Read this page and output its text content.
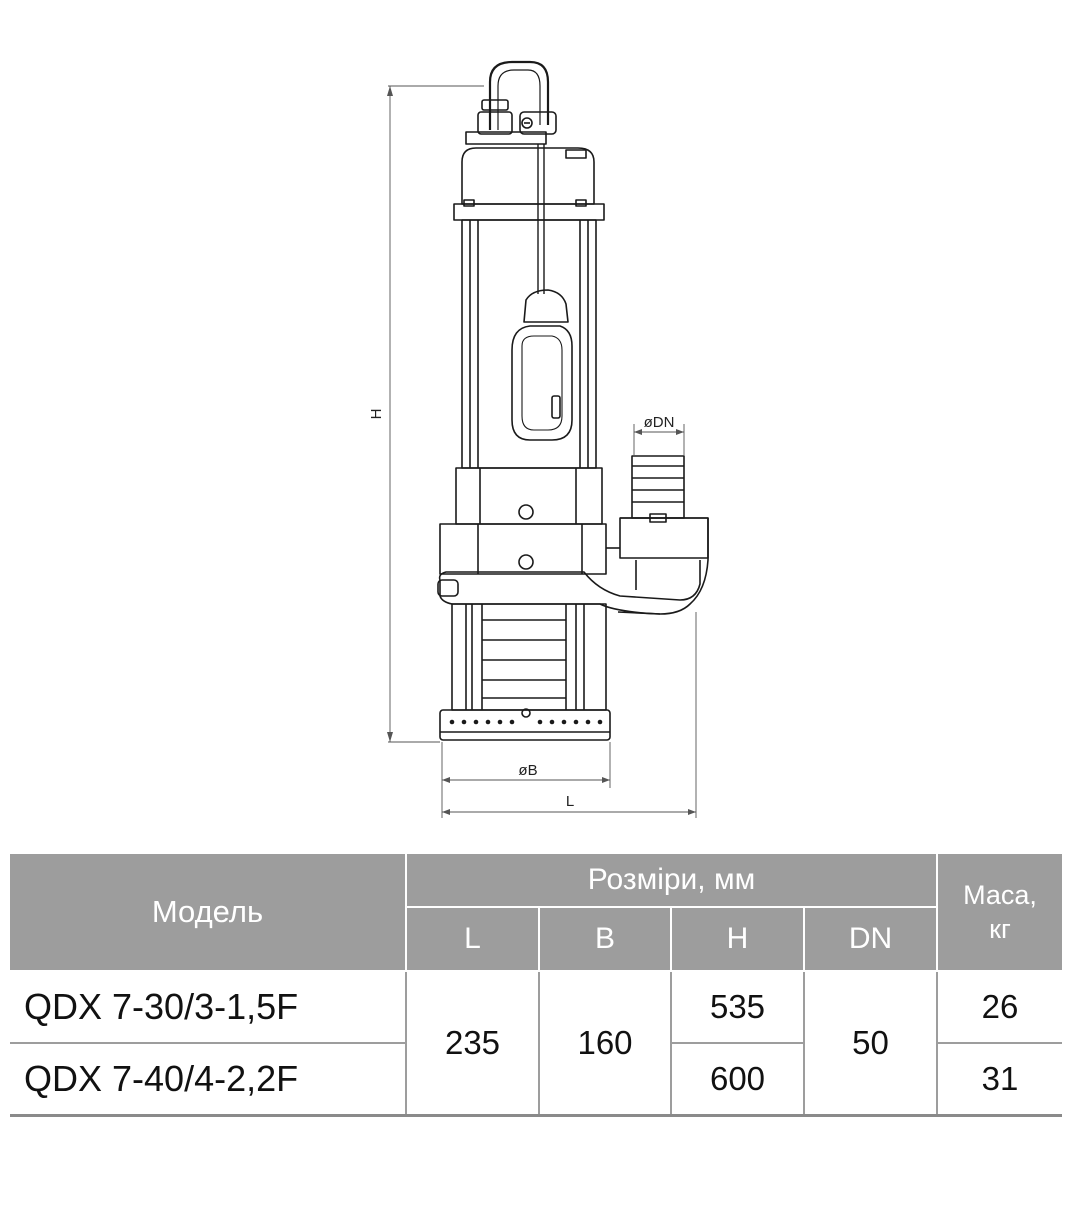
H	øDN
øB
L
Модель	Розміри, мм				Маса,
кг
	L	B	H	DN	
QDX 7-30/3-1,5F	235	160	535	50	26
QDX 7-40/4-2,2F			600		31
